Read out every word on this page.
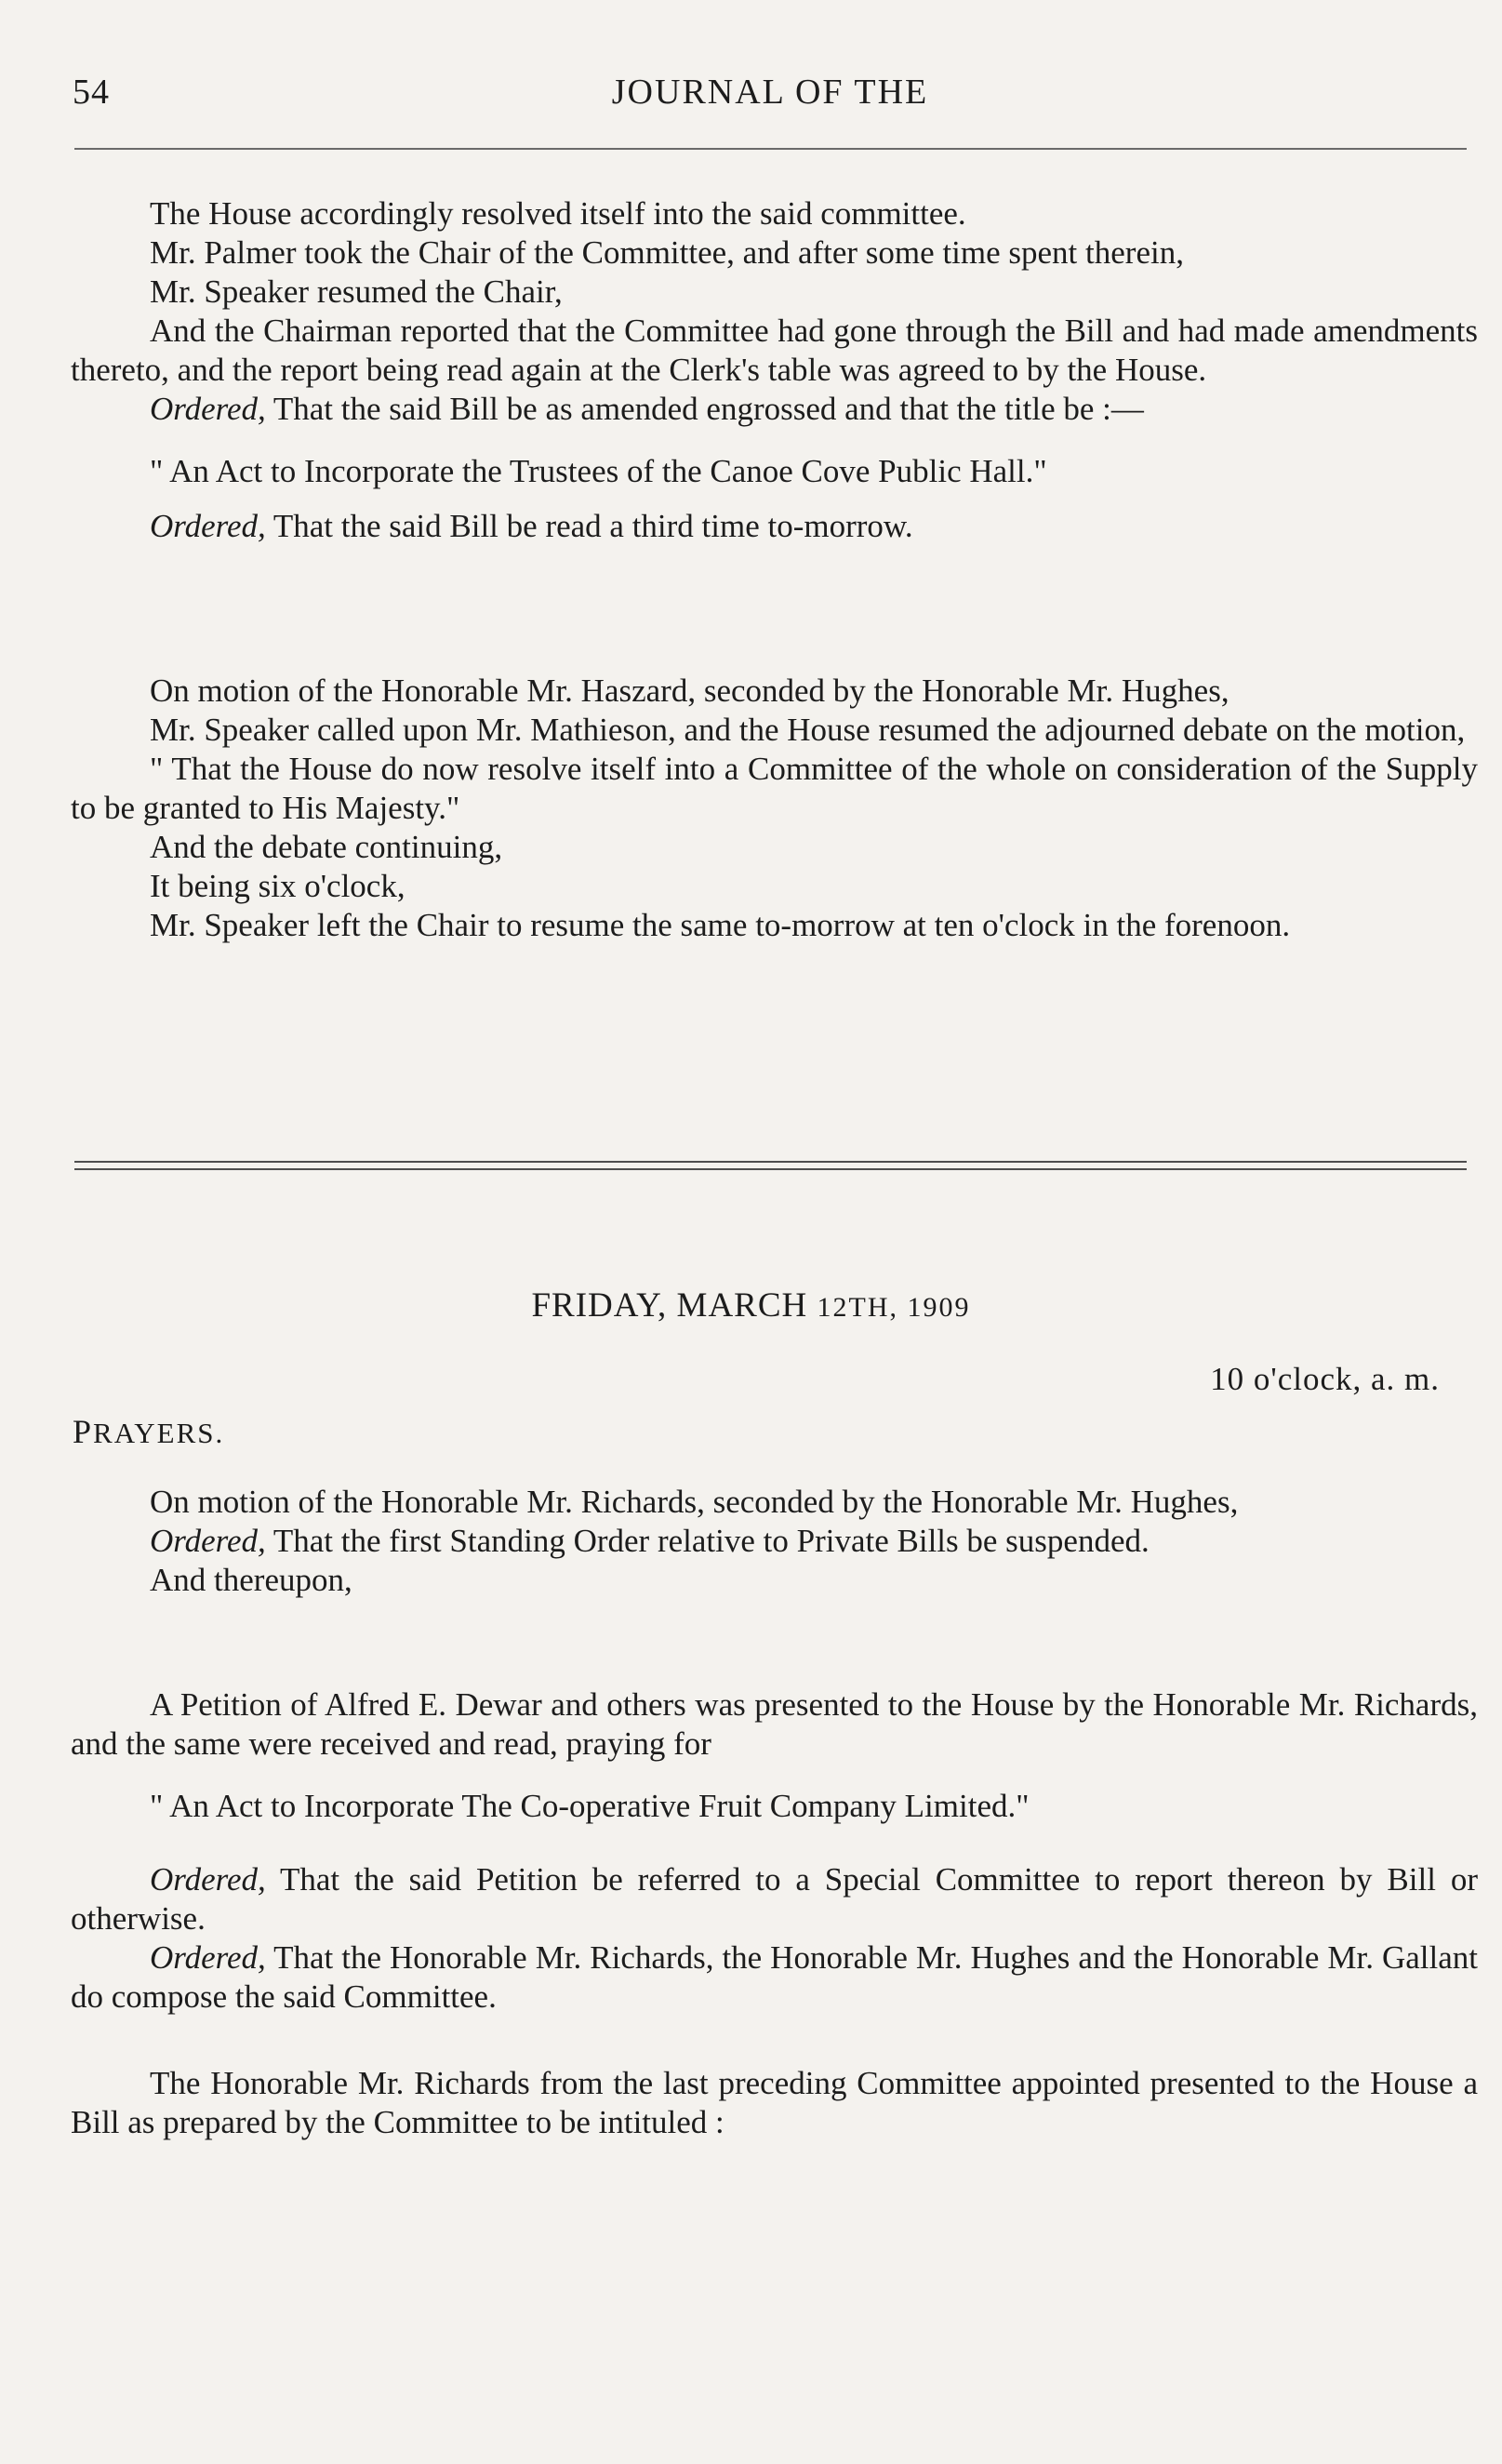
54	JOURNAL OF THE

The House accordingly resolved itself into the said committee.

Mr. Palmer took the Chair of the Committee, and after some time spent therein,

Mr. Speaker resumed the Chair,

And the Chairman reported that the Committee had gone through the Bill and had made amendments thereto, and the report being read again at the Clerk's table was agreed to by the House.

Ordered, That the said Bill be as amended engrossed and that the title be :—

" An Act to Incorporate the Trustees of the Canoe Cove Public Hall."

Ordered, That the said Bill be read a third time to-morrow.

On motion of the Honorable Mr. Haszard, seconded by the Honorable Mr. Hughes,

Mr. Speaker called upon Mr. Mathieson, and the House resumed the adjourned debate on the motion,

" That the House do now resolve itself into a Committee of the whole on consideration of the Supply to be granted to His Majesty."

And the debate continuing,

It being six o'clock,

Mr. Speaker left the Chair to resume the same to-morrow at ten o'clock in the forenoon.

FRIDAY, MARCH 12TH, 1909
10 o'clock, a. m.
PRAYERS.

On motion of the Honorable Mr. Richards, seconded by the Honorable Mr. Hughes,

Ordered, That the first Standing Order relative to Private Bills be suspended.

And thereupon,

A Petition of Alfred E. Dewar and others was presented to the House by the Honorable Mr. Richards, and the same were received and read, praying for

" An Act to Incorporate The Co-operative Fruit Company Limited."

Ordered, That the said Petition be referred to a Special Committee to report thereon by Bill or otherwise.

Ordered, That the Honorable Mr. Richards, the Honorable Mr. Hughes and the Honorable Mr. Gallant do compose the said Committee.

The Honorable Mr. Richards from the last preceding Committee appointed presented to the House a Bill as prepared by the Committee to be intituled :
